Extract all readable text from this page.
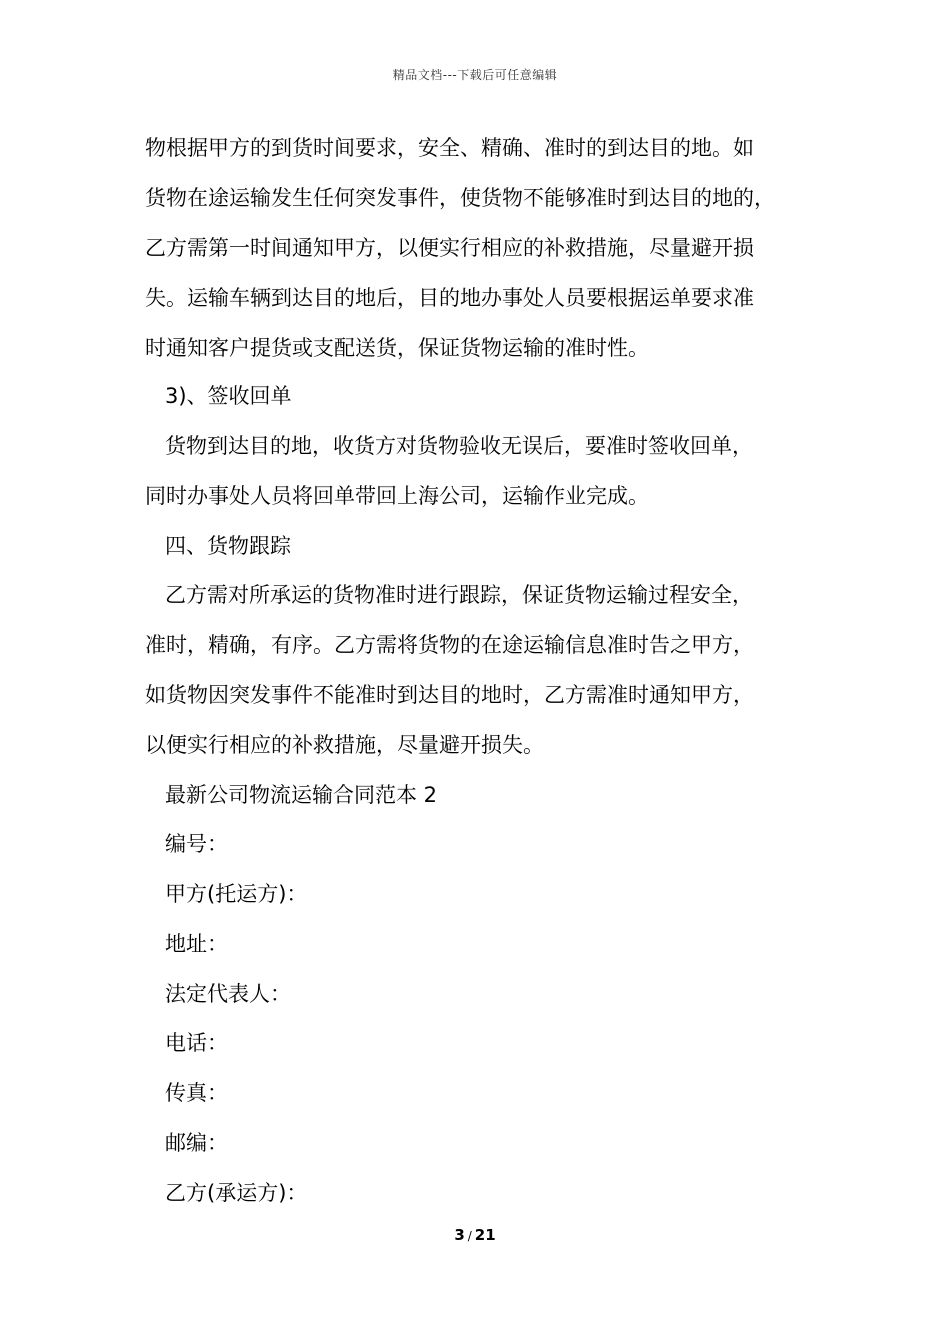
精品文档---下载后可任意编辑
物根据甲方的到货时间要求，安全、精确、准时的到达目的地。如
货物在途运输发生任何突发事件，使货物不能够准时到达目的地的，
乙方需第一时间通知甲方，以便实行相应的补救措施，尽量避开损
失。运输车辆到达目的地后，目的地办事处人员要根据运单要求准
时通知客户提货或支配送货，保证货物运输的准时性。
3)、签收回单
货物到达目的地，收货方对货物验收无误后，要准时签收回单，
同时办事处人员将回单带回上海公司，运输作业完成。
四、货物跟踪
乙方需对所承运的货物准时进行跟踪，保证货物运输过程安全，
准时，精确，有序。乙方需将货物的在途运输信息准时告之甲方，
如货物因突发事件不能准时到达目的地时，乙方需准时通知甲方，
以便实行相应的补救措施，尽量避开损失。
最新公司物流运输合同范本 2
编号：
甲方(托运方)：
地址：
法定代表人：
电话：
传真：
邮编：
乙方(承运方)：
3 / 21
